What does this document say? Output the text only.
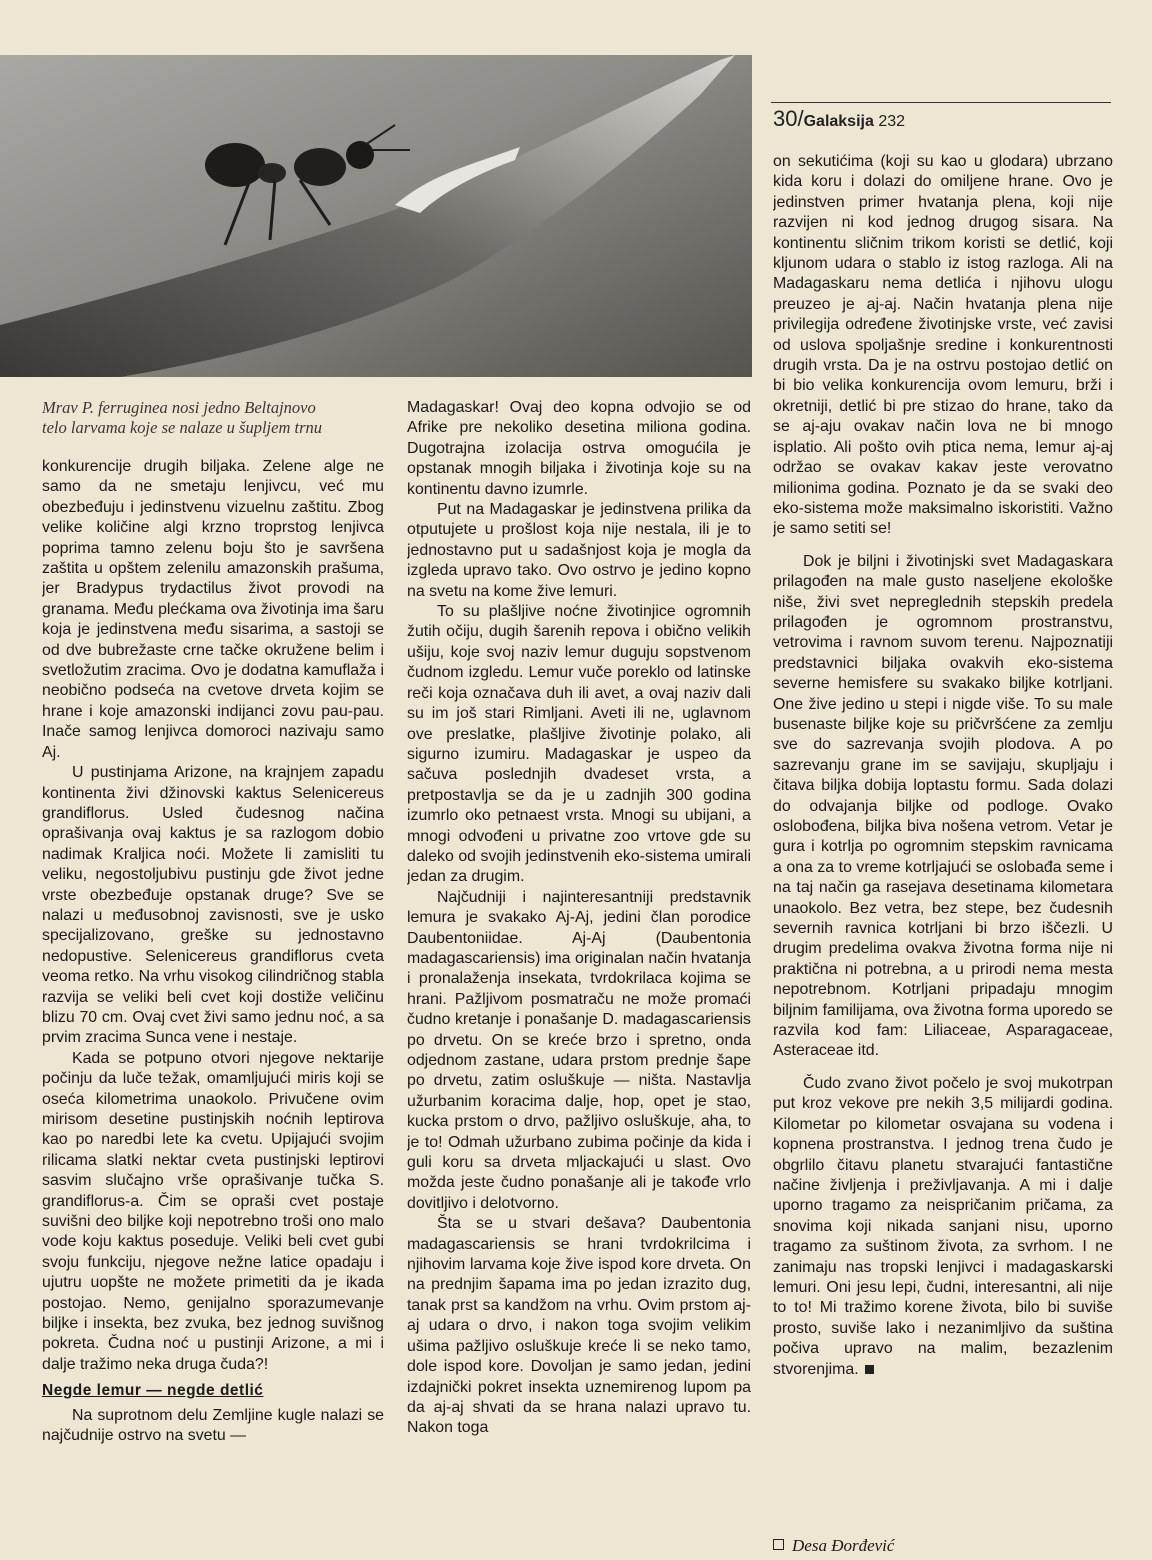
Mrav P. ferruginea nosi jedno Beltajnovo
telo larvama koje se nalaze u šupljem trnu
30/Galaksija 232

konkurencije drugih biljaka. Zelene alge ne samo da ne smetaju lenjivcu, već mu obezbeđuju i jedinstvenu vizuelnu zaštitu. Zbog velike količine algi krzno troprstog lenjivca poprima tamno zelenu boju što je savršena zaštita u opštem zelenilu amazonskih prašuma, jer Bradypus trydactilus život provodi na granama. Među plećkama ova životinja ima šaru koja je jedinstvena među sisarima, a sastoji se od dve bubrežaste crne tačke okružene belim i svetložutim zracima. Ovo je dodatna kamuflaža i neobično podseća na cvetove drveta kojim se hrane i koje amazonski indijanci zovu pau-pau. Inače samog lenjivca domoroci nazivaju samo Aj.

U pustinjama Arizone, na krajnjem zapadu kontinenta živi džinovski kaktus Selenicereus grandiflorus. Usled čudesnog načina oprašivanja ovaj kaktus je sa razlogom dobio nadimak Kraljica noći. Možete li zamisliti tu veliku, negostoljubivu pustinju gde život jedne vrste obezbeđuje opstanak druge? Sve se nalazi u međusobnoj zavisnosti, sve je usko specijalizovano, greške su jednostavno nedopustive. Selenicereus grandiflorus cveta veoma retko. Na vrhu visokog cilindričnog stabla razvija se veliki beli cvet koji dostiže veličinu blizu 70 cm. Ovaj cvet živi samo jednu noć, a sa prvim zracima Sunca vene i nestaje.

Kada se potpuno otvori njegove nektarije počinju da luče težak, omamljujući miris koji se oseća kilometrima unaokolo. Privučene ovim mirisom desetine pustinjskih noćnih leptirova kao po naredbi lete ka cvetu. Upijajući svojim rilicama slatki nektar cveta pustinjski leptirovi sasvim slučajno vrše oprašivanje tučka S. grandiflorus-a. Čim se opraši cvet postaje suvišni deo biljke koji nepotrebno troši ono malo vode koju kaktus poseduje. Veliki beli cvet gubi svoju funkciju, njegove nežne latice opadaju i ujutru uopšte ne možete primetiti da je ikada postojao. Nemo, genijalno sporazumevanje biljke i insekta, bez zvuka, bez jednog suvišnog pokreta. Čudna noć u pustinji Arizone, a mi i dalje tražimo neka druga čuda?!

Negde lemur — negde detlić

Na suprotnom delu Zemljine kugle nalazi se najčudnije ostrvo na svetu —

Madagaskar! Ovaj deo kopna odvojio se od Afrike pre nekoliko desetina miliona godina. Dugotrajna izolacija ostrva omogućila je opstanak mnogih biljaka i životinja koje su na kontinentu davno izumrle.

Put na Madagaskar je jedinstvena prilika da otputujete u prošlost koja nije nestala, ili je to jednostavno put u sadašnjost koja je mogla da izgleda upravo tako. Ovo ostrvo je jedino kopno na svetu na kome žive lemuri.

To su plašljive noćne životinjice ogromnih žutih očiju, dugih šarenih repova i obično velikih ušiju, koje svoj naziv lemur duguju sopstvenom čudnom izgledu. Lemur vuče poreklo od latinske reči koja označava duh ili avet, a ovaj naziv dali su im još stari Rimljani. Aveti ili ne, uglavnom ove preslatke, plašljive životinje polako, ali sigurno izumiru. Madagaskar je uspeo da sačuva poslednjih dvadeset vrsta, a pretpostavlja se da je u zadnjih 300 godina izumrlo oko petnaest vrsta. Mnogi su ubijani, a mnogi odvođeni u privatne zoo vrtove gde su daleko od svojih jedinstvenih eko-sistema umirali jedan za drugim.

Najčudniji i najinteresantniji predstavnik lemura je svakako Aj-Aj, jedini član porodice Daubentoniidae. Aj-Aj (Daubentonia madagascariensis) ima originalan način hvatanja i pronalaženja insekata, tvrdokrilaca kojima se hrani. Pažljivom posmatraču ne može promaći čudno kretanje i ponašanje D. madagascariensis po drvetu. On se kreće brzo i spretno, onda odjednom zastane, udara prstom prednje šape po drvetu, zatim osluškuje — ništa. Nastavlja užurbanim koracima dalje, hop, opet je stao, kucka prstom o drvo, pažljivo osluškuje, aha, to je to! Odmah užurbano zubima počinje da kida i guli koru sa drveta mljackajući u slast. Ovo možda jeste čudno ponašanje ali je takođe vrlo dovitljivo i delotvorno.

Šta se u stvari dešava? Daubentonia madagascariensis se hrani tvrdokrilcima i njihovim larvama koje žive ispod kore drveta. On na prednjim šapama ima po jedan izrazito dug, tanak prst sa kandžom na vrhu. Ovim prstom aj-aj udara o drvo, i nakon toga svojim velikim ušima pažljivo osluškuje kreće li se neko tamo, dole ispod kore. Dovoljan je samo jedan, jedini izdajnički pokret insekta uznemirenog lupom pa da aj-aj shvati da se hrana nalazi upravo tu. Nakon toga

on sekutićima (koji su kao u glodara) ubrzano kida koru i dolazi do omiljene hrane. Ovo je jedinstven primer hvatanja plena, koji nije razvijen ni kod jednog drugog sisara. Na kontinentu sličnim trikom koristi se detlić, koji kljunom udara o stablo iz istog razloga. Ali na Madagaskaru nema detlića i njihovu ulogu preuzeo je aj-aj. Način hvatanja plena nije privilegija određene životinjske vrste, već zavisi od uslova spoljašnje sredine i konkurentnosti drugih vrsta. Da je na ostrvu postojao detlić on bi bio velika konkurencija ovom lemuru, brži i okretniji, detlić bi pre stizao do hrane, tako da se aj-aju ovakav način lova ne bi mnogo isplatio. Ali pošto ovih ptica nema, lemur aj-aj održao se ovakav kakav jeste verovatno milionima godina. Poznato je da se svaki deo eko-sistema može maksimalno iskoristiti. Važno je samo setiti se!

Dok je biljni i životinjski svet Madagaskara prilagođen na male gusto naseljene ekološke niše, živi svet nepreglednih stepskih predela prilagođen je ogromnom prostranstvu, vetrovima i ravnom suvom terenu. Najpoznatiji predstavnici biljaka ovakvih eko-sistema severne hemisfere su svakako biljke kotrljani. One žive jedino u stepi i nigde više. To su male busenaste biljke koje su pričvršćene za zemlju sve do sazrevanja svojih plodova. A po sazrevanju grane im se savijaju, skupljaju i čitava biljka dobija loptastu formu. Sada dolazi do odvajanja biljke od podloge. Ovako oslobođena, biljka biva nošena vetrom. Vetar je gura i kotrlja po ogromnim stepskim ravnicama a ona za to vreme kotrljajući se oslobađa seme i na taj način ga rasejava desetinama kilometara unaokolo. Bez vetra, bez stepe, bez čudesnih severnih ravnica kotrljani bi brzo iščezli. U drugim predelima ovakva životna forma nije ni praktična ni potrebna, a u prirodi nema mesta nepotrebnom. Kotrljani pripadaju mnogim biljnim familijama, ova životna forma uporedo se razvila kod fam: Liliaceae, Asparagaceae, Asteraceae itd.

Čudo zvano život počelo je svoj mukotrpan put kroz vekove pre nekih 3,5 milijardi godina. Kilometar po kilometar osvajana su vodena i kopnena prostranstva. I jednog trena čudo je obgrlilo čitavu planetu stvarajući fantastične načine življenja i preživljavanja. A mi i dalje uporno tragamo za neispričanim pričama, za snovima koji nikada sanjani nisu, uporno tragamo za suštinom života, za svrhom. I ne zanimaju nas tropski lenjivci i madagaskarski lemuri. Oni jesu lepi, čudni, interesantni, ali nije to to! Mi tražimo korene života, bilo bi suviše prosto, suviše lako i nezanimljivo da suština počiva upravo na malim, bezazlenim stvorenjima.

Desa Đorđević
